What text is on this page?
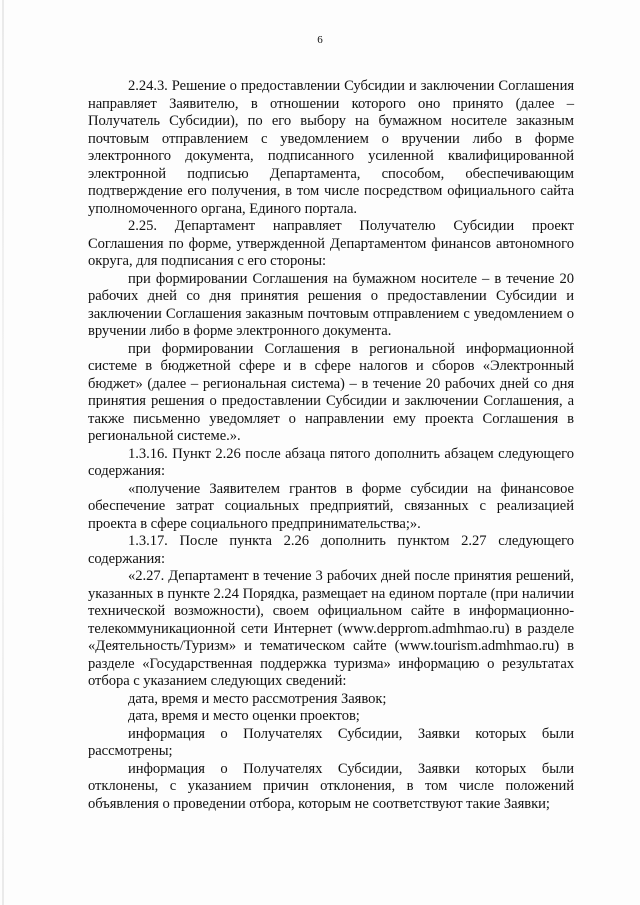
6

2.24.3. Решение о предоставлении Субсидии и заключении Соглашения направляет Заявителю, в отношении которого оно принято (далее – Получатель Субсидии), по его выбору на бумажном носителе заказным почтовым отправлением с уведомлением о вручении либо в форме электронного документа, подписанного усиленной квалифицированной электронной подписью Департамента, способом, обеспечивающим подтверждение его получения, в том числе посредством официального сайта уполномоченного органа, Единого портала.

2.25. Департамент направляет Получателю Субсидии проект Соглашения по форме, утвержденной Департаментом финансов автономного округа, для подписания с его стороны:

при формировании Соглашения на бумажном носителе – в течение 20 рабочих дней со дня принятия решения о предоставлении Субсидии и заключении Соглашения заказным почтовым отправлением с уведомлением о вручении либо в форме электронного документа.

при формировании Соглашения в региональной информационной системе в бюджетной сфере и в сфере налогов и сборов «Электронный бюджет» (далее – региональная система) – в течение 20 рабочих дней со дня принятия решения о предоставлении Субсидии и заключении Соглашения, а также письменно уведомляет о направлении ему проекта Соглашения в региональной системе.».

1.3.16. Пункт 2.26 после абзаца пятого дополнить абзацем следующего содержания:

«получение Заявителем грантов в форме субсидии на финансовое обеспечение затрат социальных предприятий, связанных с реализацией проекта в сфере социального предпринимательства;».

1.3.17. После пункта 2.26 дополнить пунктом 2.27 следующего содержания:

«2.27. Департамент в течение 3 рабочих дней после принятия решений, указанных в пункте 2.24 Порядка, размещает на едином портале (при наличии технической возможности), своем официальном сайте в информационно-телекоммуникационной сети Интернет (www.depprom.admhmao.ru) в разделе «Деятельность/Туризм» и тематическом сайте (www.tourism.admhmao.ru) в разделе «Государственная поддержка туризма» информацию о результатах отбора с указанием следующих сведений:

дата, время и место рассмотрения Заявок;

дата, время и место оценки проектов;

информация о Получателях Субсидии, Заявки которых были рассмотрены;

информация о Получателях Субсидии, Заявки которых были отклонены, с указанием причин отклонения, в том числе положений объявления о проведении отбора, которым не соответствуют такие Заявки;
